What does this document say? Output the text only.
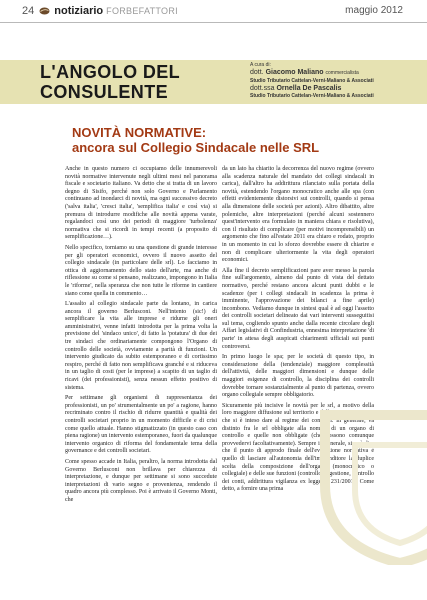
24 notiziario FORBEFATTORI	maggio 2012
L'ANGOLO DEL
CONSULENTE
A cura di:
dott. Giacomo Maliano commercialista
Studio Tributario Cattelan-Verni-Maliano & Associati
dott.ssa Ornella De Pascalis
Studio Tributario Cattelan-Verni-Maliano & Associati
NOVITÀ NORMATIVE:
ancora sul Collegio Sindacale nelle SRL

Anche in questo numero ci occupiamo delle innumerevoli novità normative intervenute negli ultimi mesi nel panorama fiscale e societario italiano. Va detto che si tratta di un lavoro degno di Sisifo, perché non solo Governo e Parlamento continuano ad inondarci di novità, ma ogni successivo decreto ('salva italia', 'cresci italia', 'semplifica italia' e così via) si premura di introdurre modifiche alle novità appena varate, regalandoci così uno dei periodi di maggiore 'turbolenza' normativa che si ricordi in tempi recenti (a proposito di semplificazione…).

Nello specifico, torniamo su una questione di grande interesse per gli operatori economici, ovvero il nuovo assetto del collegio sindacale (in particolare delle srl). Lo facciamo in ottica di aggiornamento dello stato dell'arte, ma anche di riflessione su come si pensano, realizzano, impongono in Italia le 'riforme', nella speranza che non tutte le riforme in cantiere siano come quella in commento…

L'assalto al collegio sindacale parte da lontano, in carica ancora il governo Berlusconi. Nell'intento (sic!) di semplificare la vita alle imprese e ridurne gli oneri amministrativi, venne infatti introdotta per la prima volta la previsione del 'sindaco unico', di fatto la 'potatura' di due dei tre sindaci che ordinariamente compongono l'Organo di controllo delle società, ovviamente a parità di funzioni. Un intervento giudicato da subito estemporaneo e di cortissimo respiro, perché di fatto non semplificava granché e si riduceva in un taglio di costi (per le imprese) a scapito di un taglio di ricavi (dei professionisti), senza nessun effetto positivo di sistema.

Per settimane gli organismi di rappresentanza dei professionisti, un po' strumentalmente un po' a ragione, hanno recriminato contro il rischio di ridurre quantità e qualità dei controlli societari proprio in un momento difficile e di crisi come quello attuale. Hanno stigmatizzato (in questo caso con piena ragione) un intervento estemporaneo, fuori da qualunque intervento organico di riforma del fondamentale tema della governance e dei controlli societari.

Come spesso accade in Italia, peraltro, la norma introdotta dal Governo Berlusconi non brillava per chiarezza di interpretazione, e dunque per settimane si sono succedute interpretazioni di vario segno e provenienza, rendendo il quadro ancora più complesso. Poi è arrivato il Governo Monti, che

da un lato ha chiarito la decorrenza del nuovo regime (ovvero alla scadenza naturale del mandato dei collegi sindacali in carica), dall'altro ha addirittura rilanciato sulla portata della novità, estendendo l'organo monocratico anche alle spa (con effetti evidentemente distorsivi sui controlli, quando si pensa alla dimensione delle società per azioni). Altro dibattito, altre polemiche, altre interpretazioni (perché alcuni sostennero quest'intervento era formulato in maniera chiara e risolutiva), con il risultato di complicare (per motivi incomprensibili) un argomento che fino all'estate 2011 era chiaro e rodato, proprio in un momento in cui lo sforzo dovrebbe essere di chiarire e non di complicare ulteriormente la vita degli operatori economici.

Alla fine il decreto semplificazioni pare aver messo la parola fine sull'argomento, almeno dal punto di vista del dettato normativo, perché restano ancora alcuni punti dubbi e le scadenze (per i collegi sindacali in scadenza la prima è imminente, l'approvazione dei bilanci a fine aprile) incombono. Vediamo dunque in sintesi qual è ad oggi l'assetto dei controlli societari delineato dai vari interventi susseguitisi sul tema, cogliendo spunto anche dalla recente circolare degli Affari legislativi di Confindustria, ennesima interpretazione 'di parte' in attesa degli auspicati chiarimenti ufficiali sui punti controversi.

In primo luogo le spa; per le società di questo tipo, in considerazione della (tendenziale) maggiore complessità dell'attività, delle maggiori dimensioni e dunque delle maggiori esigenze di controllo, la disciplina dei controlli dovrebbe tornare sostanzialmente al punto di partenza, ovvero organo collegiale sempre obbligatorio.

Sicuramente più incisive le novità per le srl, a motivo della loro maggiore diffusione sul territorio e dell'assetto innovativo che si è inteso dare al regime dei controlli. In generale, va distinto fra le srl obbligate alla nomina di un organo di controllo e quelle non obbligate (che possono comunque provvedervi facoltativamente). Sempre in generale, si può dire che il punto di approdo finale dell'evoluzione normativa è quello di lasciare all'autonomia dell'imprenditore la duplice scelta della composizione dell'organo (monocratico o collegiale) e delle sue funzioni (controllo di gestione, controllo dei conti, addirittura vigilanza ex legge n. 231/2001). Come detto, a fornire una prima
